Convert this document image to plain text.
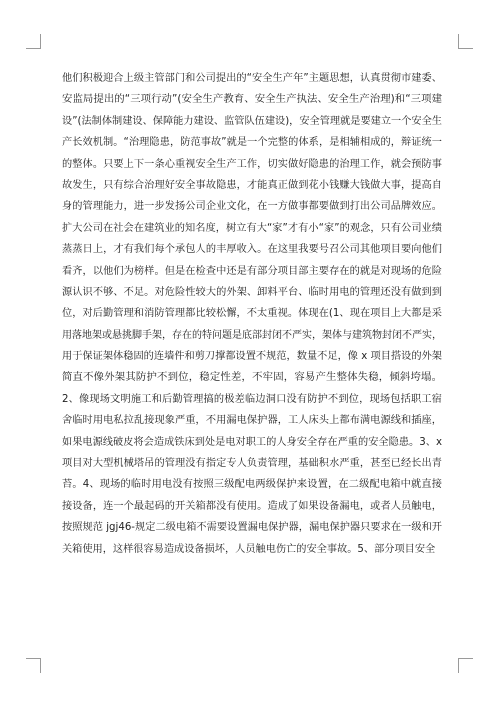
他们积极迎合上级主管部门和公司提出的“安全生产年”主题思想，认真贯彻市建委、
安监局提出的“三项行动”(安全生产教育、安全生产执法、安全生产治理)和“三项建
设”(法制体制建设、保障能力建设、监管队伍建设)，安全管理就是要建立一个安全生
产长效机制。“治理隐患，防范事故”就是一个完整的体系，是相辅相成的，辩证统一
的整体。只要上下一条心重视安全生产工作，切实做好隐患的治理工作，就会预防事
故发生，只有综合治理好安全事故隐患，才能真正做到花小钱赚大钱做大事，提高自
身的管理能力，进一步发扬公司企业文化，在一方做事都要做到打出公司品牌效应。
扩大公司在社会在建筑业的知名度，树立有大“家”才有小“家”的观念，只有公司业绩
蒸蒸日上，才有我们每个承包人的丰厚收入。在这里我要号召公司其他项目要向他们
看齐，以他们为榜样。但是在检查中还是有部分项目部主要存在的就是对现场的危险
源认识不够、不足。对危险性较大的外架、卸料平台、临时用电的管理还没有做到到
位，对后勤管理和消防管理都比较松懈，不太重视。体现在(1、现在项目上大都是采
用落地架或悬挑脚手架，存在的特问题是底部封闭不严实，架体与建筑物封闭不严实，
用于保证架体稳固的连墙件和剪刀撑都设置不规范，数量不足，像 x 项目搭设的外架
简直不像外架其防护不到位，稳定性差，不牢固，容易产生整体失稳，倾斜垮塌。
2、像现场文明施工和后勤管理搞的极差临边洞口没有防护不到位，现场包括职工宿
舍临时用电私拉乱接现象严重，不用漏电保护器，工人床头上都布满电源线和插座，
如果电源线破皮将会造成铁床到处是电对职工的人身安全存在严重的安全隐患。3、x
项目对大型机械塔吊的管理没有指定专人负责管理，基础积水严重，甚至已经长出青
苔。4、现场的临时用电没有按照三级配电两级保护来设置，在二级配电箱中就直接
接设备，连一个最起码的开关箱都没有使用。造成了如果设备漏电，或者人员触电，
按照规范 jgj46-规定二级电箱不需要设置漏电保护器，漏电保护器只要求在一级和开
关箱使用，这样很容易造成设备损坏，人员触电伤亡的安全事故。5、部分项目安全
